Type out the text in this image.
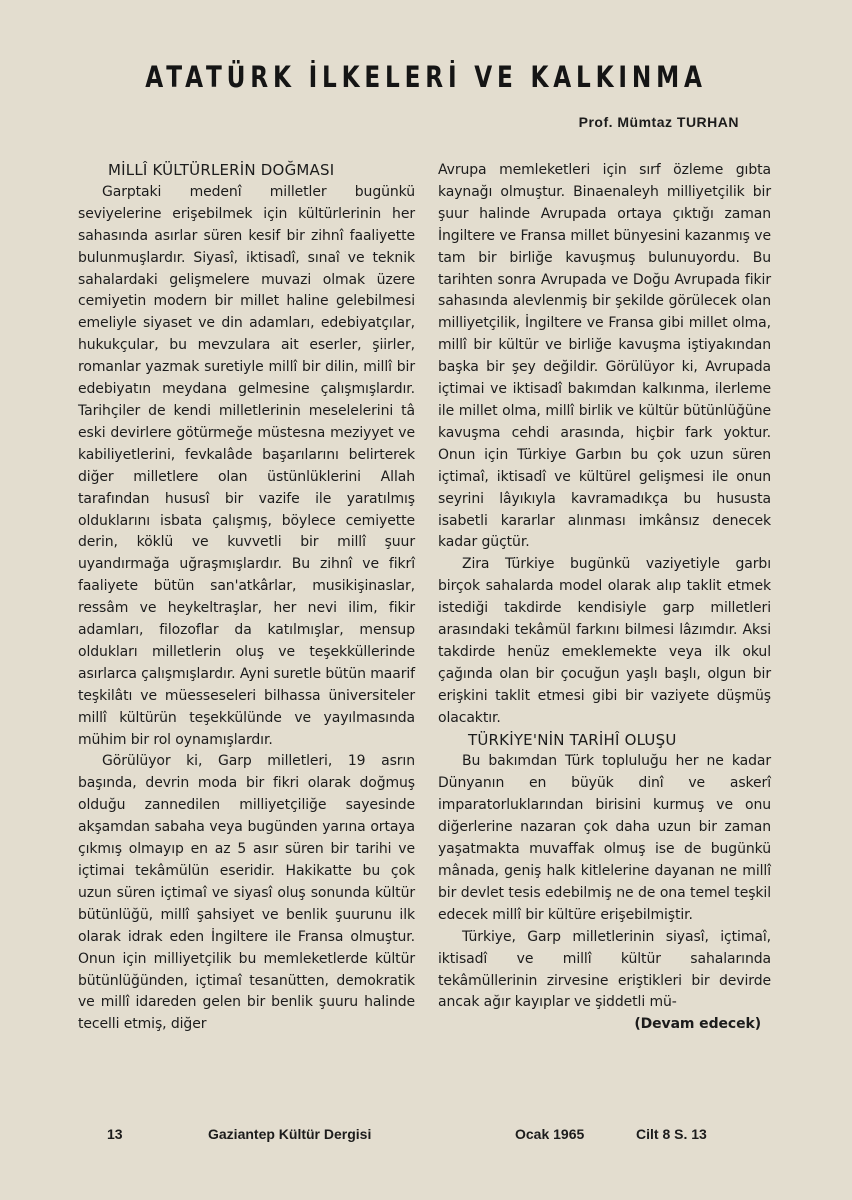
ATATÜRK İLKELERİ VE KALKINMA

Prof. Mümtaz TURHAN

MİLLÎ KÜLTÜRLERİN DOĞMASI

Garptaki medenî milletler bugünkü seviyelerine erişebilmek için kültürlerinin her sahasında asırlar süren kesif bir zihnî faaliyette bulunmuşlardır. Siyasî, iktisadî, sınaî ve teknik sahalardaki gelişmelere muvazi olmak üzere cemiyetin modern bir millet haline gelebilmesi emeliyle siyaset ve din adamları, edebiyatçılar, hukukçular, bu mevzulara ait eserler, şiirler, romanlar yazmak suretiyle millî bir dilin, millî bir edebiyatın meydana gelmesine çalışmışlardır. Tarihçiler de kendi milletlerinin meselelerini tâ eski devirlere götürmeğe müstesna meziyyet ve kabiliyetlerini, fevkalâde başarılarını belirterek diğer milletlere olan üstünlüklerini Allah tarafından hususî bir vazife ile yaratılmış olduklarını isbata çalışmış, böylece cemiyette derin, köklü ve kuvvetli bir millî şuur uyandırmağa uğraşmışlardır. Bu zihnî ve fikrî faaliyete bütün san'atkârlar, musikişinaslar, ressâm ve heykeltraşlar, her nevi ilim, fikir adamları, filozoflar da katılmışlar, mensup oldukları milletlerin oluş ve teşekküllerinde asırlarca çalışmışlardır. Ayni suretle bütün maarif teşkilâtı ve müesseseleri bilhassa üniversiteler millî kültürün teşekkülünde ve yayılmasında mühim bir rol oynamışlardır.

Görülüyor ki, Garp milletleri, 19 asrın başında, devrin moda bir fikri olarak doğmuş olduğu zannedilen milliyetçiliğe sayesinde akşamdan sabaha veya bugünden yarına ortaya çıkmış olmayıp en az 5 asır süren bir tarihi ve içtimai tekâmülün eseridir. Hakikatte bu çok uzun süren içtimaî ve siyasî oluş sonunda kültür bütünlüğü, millî şahsiyet ve benlik şuurunu ilk olarak idrak eden İngiltere ile Fransa olmuştur. Onun için milliyetçilik bu memleketlerde kültür bütünlüğünden, içtimaî tesanütten, demokratik ve millî idareden gelen bir benlik şuuru halinde tecelli etmiş, diğer

Avrupa memleketleri için sırf özleme gıbta kaynağı olmuştur. Binaenaleyh milliyetçilik bir şuur halinde Avrupada ortaya çıktığı zaman İngiltere ve Fransa millet bünyesini kazanmış ve tam bir birliğe kavuşmuş bulunuyordu. Bu tarihten sonra Avrupada ve Doğu Avrupada fikir sahasında alevlenmiş bir şekilde görülecek olan milliyetçilik, İngiltere ve Fransa gibi millet olma, millî bir kültür ve birliğe kavuşma iştiyakından başka bir şey değildir. Görülüyor ki, Avrupada içtimai ve iktisadî bakımdan kalkınma, ilerleme ile millet olma, millî birlik ve kültür bütünlüğüne kavuşma cehdi arasında, hiçbir fark yoktur. Onun için Türkiye Garbın bu çok uzun süren içtimaî, iktisadî ve kültürel gelişmesi ile onun seyrini lâyıkıyla kavramadıkça bu hususta isabetli kararlar alınması imkânsız denecek kadar güçtür.

Zira Türkiye bugünkü vaziyetiyle garbı birçok sahalarda model olarak alıp taklit etmek istediği takdirde kendisiyle garp milletleri arasındaki tekâmül farkını bilmesi lâzımdır. Aksi takdirde henüz emeklemekte veya ilk okul çağında olan bir çocuğun yaşlı başlı, olgun bir erişkini taklit etmesi gibi bir vaziyete düşmüş olacaktır.

TÜRKİYE'NİN TARİHÎ OLUŞU

Bu bakımdan Türk topluluğu her ne kadar Dünyanın en büyük dinî ve askerî imparatorluklarından birisini kurmuş ve onu diğerlerine nazaran çok daha uzun bir zaman yaşatmakta muvaffak olmuş ise de bugünkü mânada, geniş halk kitlelerine dayanan ne millî bir devlet tesis edebilmiş ne de ona temel teşkil edecek millî bir kültüre erişebilmiştir.

Türkiye, Garp milletlerinin siyasî, içtimaî, iktisadî ve millî kültür sahalarında tekâmüllerinin zirvesine eriştikleri bir devirde ancak ağır kayıplar ve şiddetli mü-

(Devam edecek)

13	Gaziantep Kültür Dergisi	Ocak 1965	Cilt 8 S. 13
